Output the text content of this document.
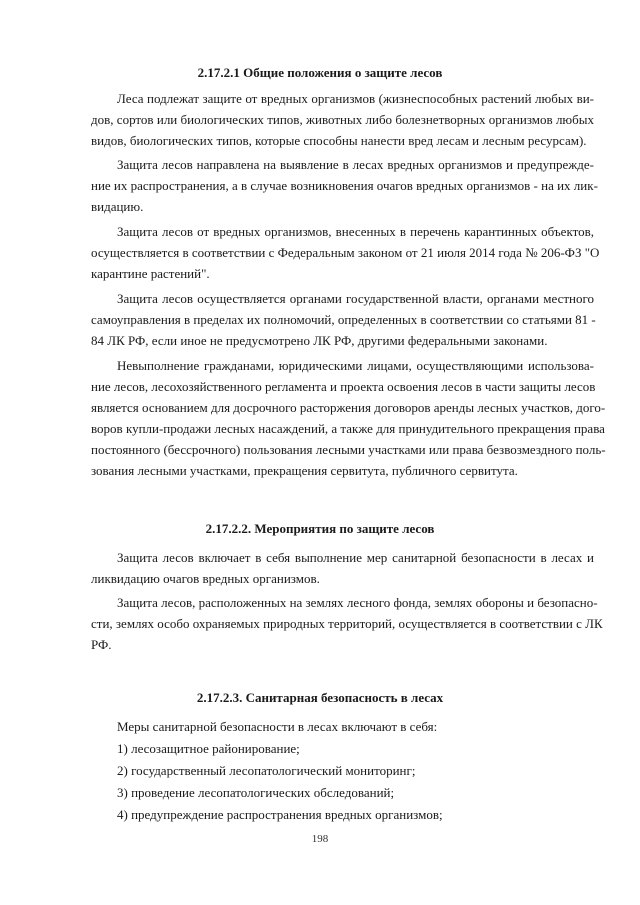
2.17.2.1 Общие положения о защите лесов
Леса подлежат защите от вредных организмов (жизнеспособных растений любых ви-
дов, сортов или биологических типов, животных либо болезнетворных организмов любых
видов, биологических типов, которые способны нанести вред лесам и лесным ресурсам).
Защита лесов направлена на выявление в лесах вредных организмов и предупрежде-
ние их распространения, а в случае возникновения очагов вредных организмов - на их лик-
видацию.
Защита лесов от вредных организмов, внесенных в перечень карантинных объектов,
осуществляется в соответствии с Федеральным законом от 21 июля 2014 года № 206-ФЗ "О
карантине растений".
Защита лесов осуществляется органами государственной власти, органами местного
самоуправления в пределах их полномочий, определенных в соответствии со статьями 81 -
84 ЛК РФ, если иное не предусмотрено ЛК РФ, другими федеральными законами.
Невыполнение гражданами, юридическими лицами, осуществляющими использова-
ние лесов, лесохозяйственного регламента и проекта освоения лесов в части защиты лесов
является основанием для досрочного расторжения договоров аренды лесных участков, дого-
воров купли-продажи лесных насаждений, а также для принудительного прекращения права
постоянного (бессрочного) пользования лесными участками или права безвозмездного поль-
зования лесными участками, прекращения сервитута, публичного сервитута.
2.17.2.2. Мероприятия по защите лесов
Защита лесов включает в себя выполнение мер санитарной безопасности в лесах и
ликвидацию очагов вредных организмов.
Защита лесов, расположенных на землях лесного фонда, землях обороны и безопасно-
сти, землях особо охраняемых природных территорий, осуществляется в соответствии с ЛК
РФ.
2.17.2.3. Санитарная безопасность в лесах
Меры санитарной безопасности в лесах включают в себя:
1) лесозащитное районирование;
2) государственный лесопатологический мониторинг;
3) проведение лесопатологических обследований;
4) предупреждение распространения вредных организмов;
198
